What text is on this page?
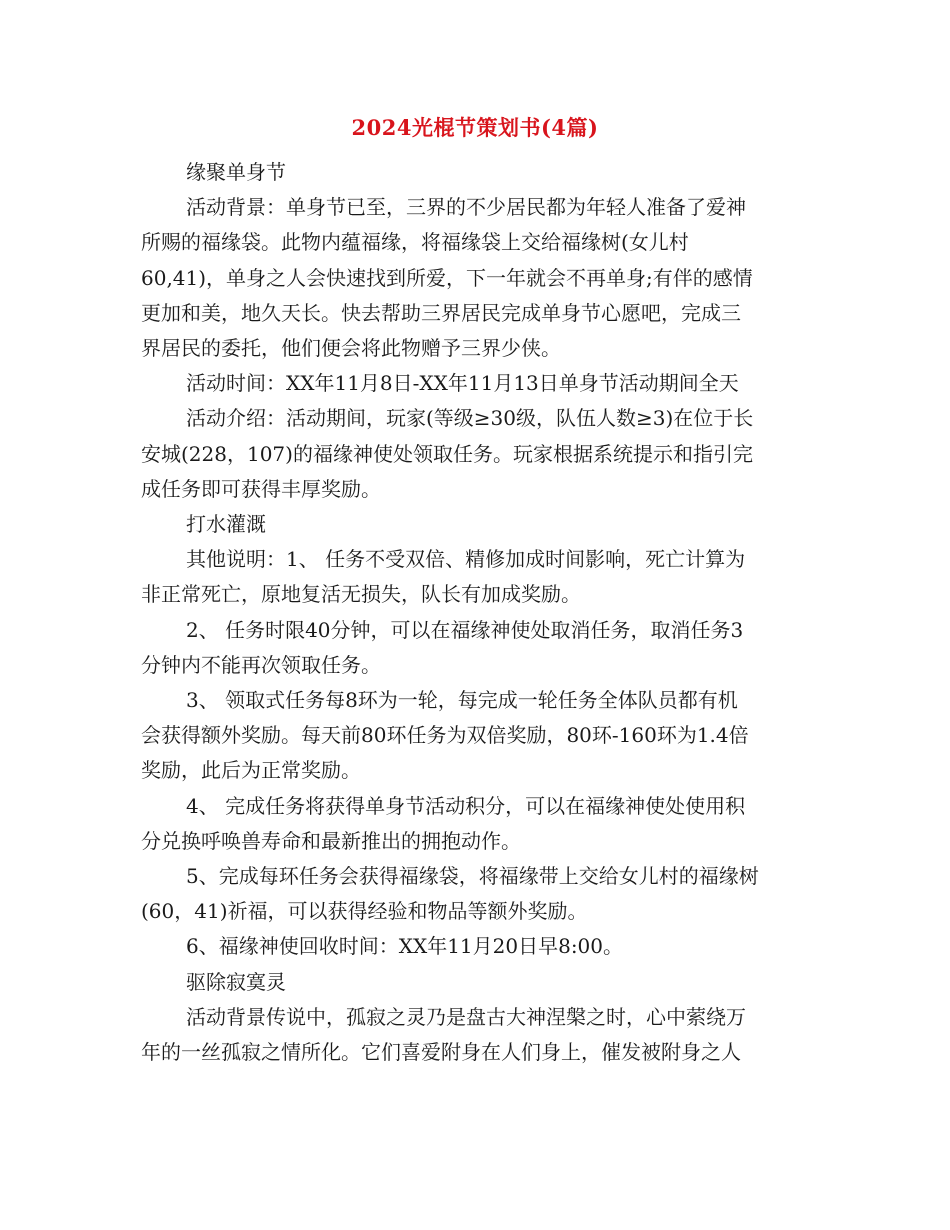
2024光棍节策划书(4篇)
缘聚单身节
活动背景：单身节已至，三界的不少居民都为年轻人准备了爱神
所赐的福缘袋。此物内蕴福缘，将福缘袋上交给福缘树(女儿村
60,41)，单身之人会快速找到所爱，下一年就会不再单身;有伴的感情
更加和美，地久天长。快去帮助三界居民完成单身节心愿吧，完成三
界居民的委托，他们便会将此物赠予三界少侠。
活动时间：XX年11月8日-XX年11月13日单身节活动期间全天
活动介绍：活动期间，玩家(等级≥30级，队伍人数≥3)在位于长
安城(228，107)的福缘神使处领取任务。玩家根据系统提示和指引完
成任务即可获得丰厚奖励。
打水灌溉
其他说明：1、 任务不受双倍、精修加成时间影响，死亡计算为
非正常死亡，原地复活无损失，队长有加成奖励。
2、 任务时限40分钟，可以在福缘神使处取消任务，取消任务3
分钟内不能再次领取任务。
3、 领取式任务每8环为一轮，每完成一轮任务全体队员都有机
会获得额外奖励。每天前80环任务为双倍奖励，80环-160环为1.4倍
奖励，此后为正常奖励。
4、 完成任务将获得单身节活动积分，可以在福缘神使处使用积
分兑换呼唤兽寿命和最新推出的拥抱动作。
5、完成每环任务会获得福缘袋，将福缘带上交给女儿村的福缘树
(60，41)祈福，可以获得经验和物品等额外奖励。
6、福缘神使回收时间：XX年11月20日早8:00。
驱除寂寞灵
活动背景传说中，孤寂之灵乃是盘古大神涅槃之时，心中萦绕万
年的一丝孤寂之情所化。它们喜爱附身在人们身上，催发被附身之人
